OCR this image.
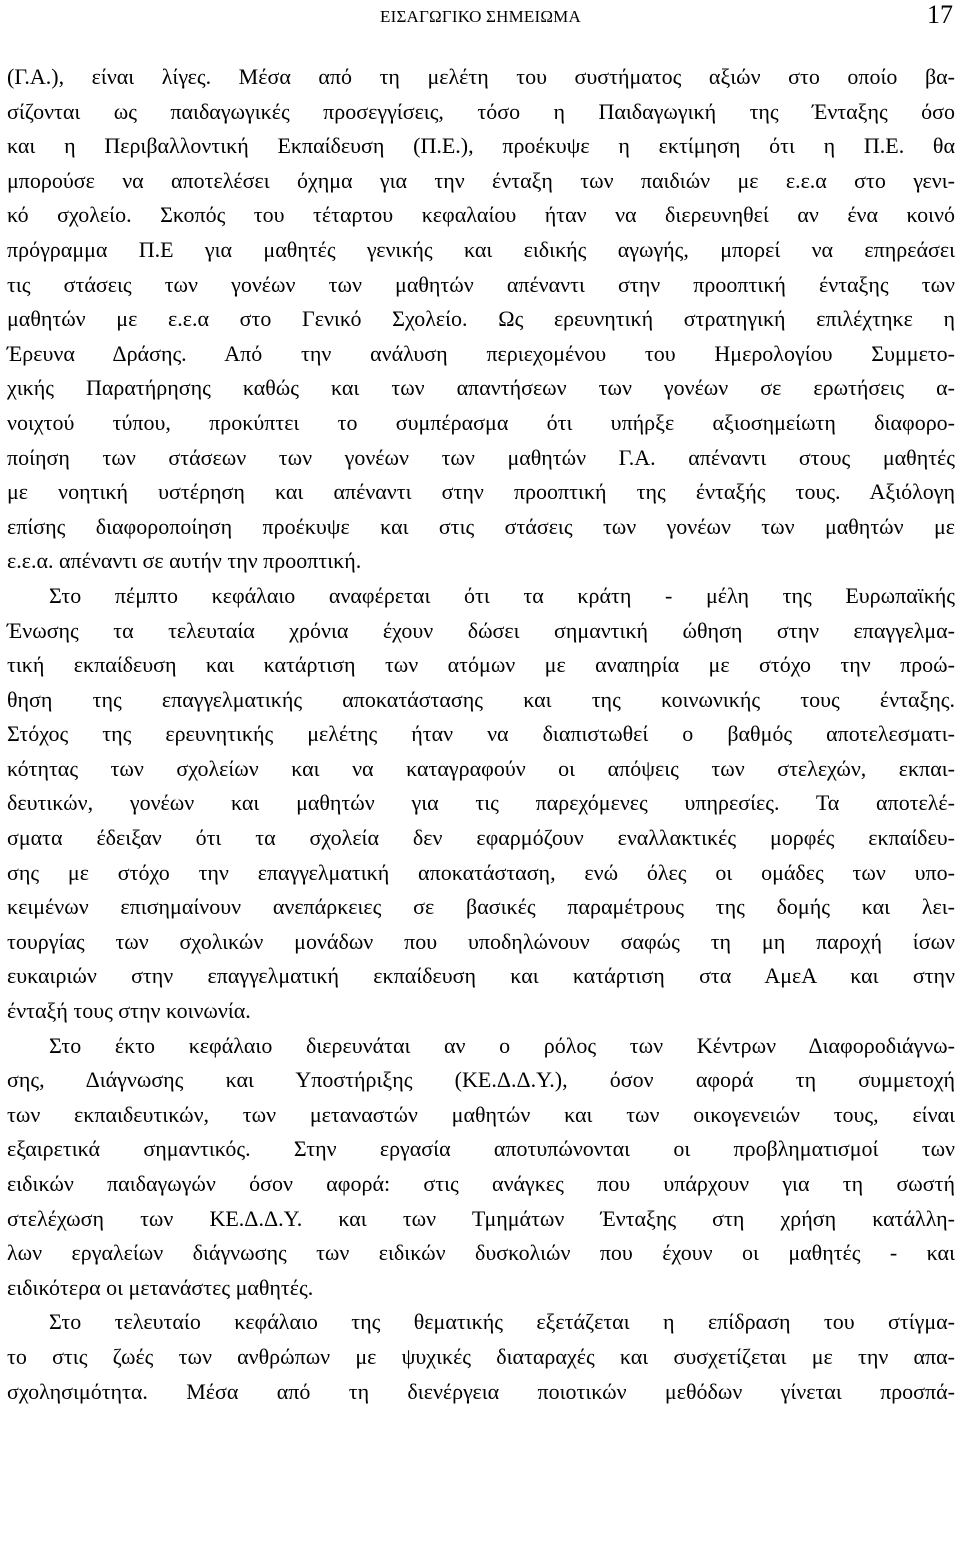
ΕΙΣΑΓΩΓΙΚΟ ΣΗΜΕΙΩΜΑ	17

(Γ.Α.), είναι λίγες. Μέσα από τη μελέτη του συστήματος αξιών στο οποίο βα-
σίζονται ως παιδαγωγικές προσεγγίσεις, τόσο η Παιδαγωγική της Ένταξης όσο
και η Περιβαλλοντική Εκπαίδευση (Π.Ε.), προέκυψε η εκτίμηση ότι η Π.Ε. θα
μπορούσε να αποτελέσει όχημα για την ένταξη των παιδιών με ε.ε.α στο γενι-
κό σχολείο. Σκοπός του τέταρτου κεφαλαίου ήταν να διερευνηθεί αν ένα κοινό
πρόγραμμα Π.Ε για μαθητές γενικής και ειδικής αγωγής, μπορεί να επηρεάσει
τις στάσεις των γονέων των μαθητών απέναντι στην προοπτική ένταξης των
μαθητών με ε.ε.α στο Γενικό Σχολείο. Ως ερευνητική στρατηγική επιλέχτηκε η
Έρευνα Δράσης. Από την ανάλυση περιεχομένου του Ημερολογίου Συμμετο-
χικής Παρατήρησης καθώς και των απαντήσεων των γονέων σε ερωτήσεις α-
νοιχτού τύπου, προκύπτει το συμπέρασμα ότι υπήρξε αξιοσημείωτη διαφορο-
ποίηση των στάσεων των γονέων των μαθητών Γ.Α. απέναντι στους μαθητές
με νοητική υστέρηση και απέναντι στην προοπτική της ένταξής τους. Αξιόλογη
επίσης διαφοροποίηση προέκυψε και στις στάσεις των γονέων των μαθητών με
ε.ε.α. απέναντι σε αυτήν την προοπτική.

Στο πέμπτο κεφάλαιο αναφέρεται ότι τα κράτη - μέλη της Ευρωπαϊκής
Ένωσης τα τελευταία χρόνια έχουν δώσει σημαντική ώθηση στην επαγγελμα-
τική εκπαίδευση και κατάρτιση των ατόμων με αναπηρία με στόχο την προώ-
θηση της επαγγελματικής αποκατάστασης και της κοινωνικής τους ένταξης.
Στόχος της ερευνητικής μελέτης ήταν να διαπιστωθεί ο βαθμός αποτελεσματι-
κότητας των σχολείων και να καταγραφούν οι απόψεις των στελεχών, εκπαι-
δευτικών, γονέων και μαθητών για τις παρεχόμενες υπηρεσίες. Τα αποτελέ-
σματα έδειξαν ότι τα σχολεία δεν εφαρμόζουν εναλλακτικές μορφές εκπαίδευ-
σης με στόχο την επαγγελματική αποκατάσταση, ενώ όλες οι ομάδες των υπο-
κειμένων επισημαίνουν ανεπάρκειες σε βασικές παραμέτρους της δομής και λει-
τουργίας των σχολικών μονάδων που υποδηλώνουν σαφώς τη μη παροχή ίσων
ευκαιριών στην επαγγελματική εκπαίδευση και κατάρτιση στα ΑμεΑ και στην
ένταξή τους στην κοινωνία.

Στο έκτο κεφάλαιο διερευνάται αν ο ρόλος των Κέντρων Διαφοροδιάγνω-
σης, Διάγνωσης και Υποστήριξης (ΚΕ.Δ.Δ.Υ.), όσον αφορά τη συμμετοχή
των εκπαιδευτικών, των μεταναστών μαθητών και των οικογενειών τους, είναι
εξαιρετικά σημαντικός. Στην εργασία αποτυπώνονται οι προβληματισμοί των
ειδικών παιδαγωγών όσον αφορά: στις ανάγκες που υπάρχουν για τη σωστή
στελέχωση των ΚΕ.Δ.Δ.Υ. και των Τμημάτων Ένταξης στη χρήση κατάλλη-
λων εργαλείων διάγνωσης των ειδικών δυσκολιών που έχουν οι μαθητές - και
ειδικότερα οι μετανάστες μαθητές.

Στο τελευταίο κεφάλαιο της θεματικής εξετάζεται η επίδραση του στίγμα-
το στις ζωές των ανθρώπων με ψυχικές διαταραχές και συσχετίζεται με την απα-
σχολησιμότητα. Μέσα από τη διενέργεια ποιοτικών μεθόδων γίνεται προσπά-
